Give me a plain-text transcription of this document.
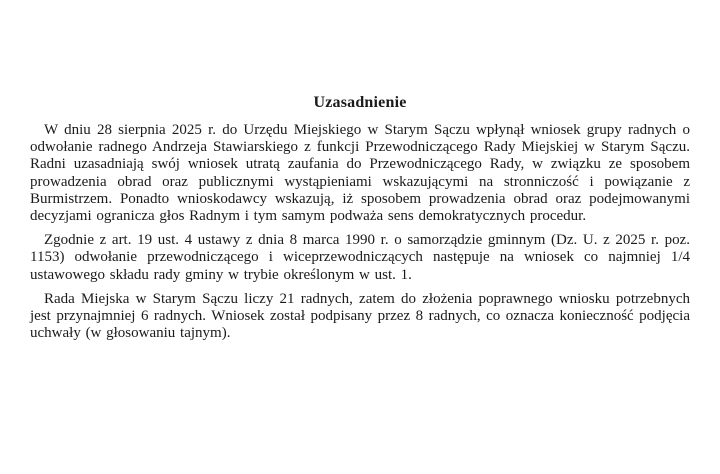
Uzasadnienie

W dniu 28 sierpnia 2025 r. do Urzędu Miejskiego w Starym Sączu wpłynął wniosek grupy radnych o odwołanie radnego Andrzeja Stawiarskiego z funkcji Przewodniczącego Rady Miejskiej w Starym Sączu. Radni uzasadniają swój wniosek utratą zaufania do Przewodniczącego Rady, w związku ze sposobem prowadzenia obrad oraz publicznymi wystąpieniami wskazującymi na stronniczość i powiązanie z Burmistrzem. Ponadto wnioskodawcy wskazują, iż sposobem prowadzenia obrad oraz podejmowanymi decyzjami ogranicza głos Radnym i tym samym podważa sens demokratycznych procedur.

Zgodnie z art. 19 ust. 4 ustawy z dnia 8 marca 1990 r. o samorządzie gminnym (Dz. U. z 2025 r. poz. 1153) odwołanie przewodniczącego i wiceprzewodniczących następuje na wniosek co najmniej 1/4 ustawowego składu rady gminy w trybie określonym w ust. 1.

Rada Miejska w Starym Sączu liczy 21 radnych, zatem do złożenia poprawnego wniosku potrzebnych jest przynajmniej 6 radnych. Wniosek został podpisany przez 8 radnych, co oznacza konieczność podjęcia uchwały (w głosowaniu tajnym).
